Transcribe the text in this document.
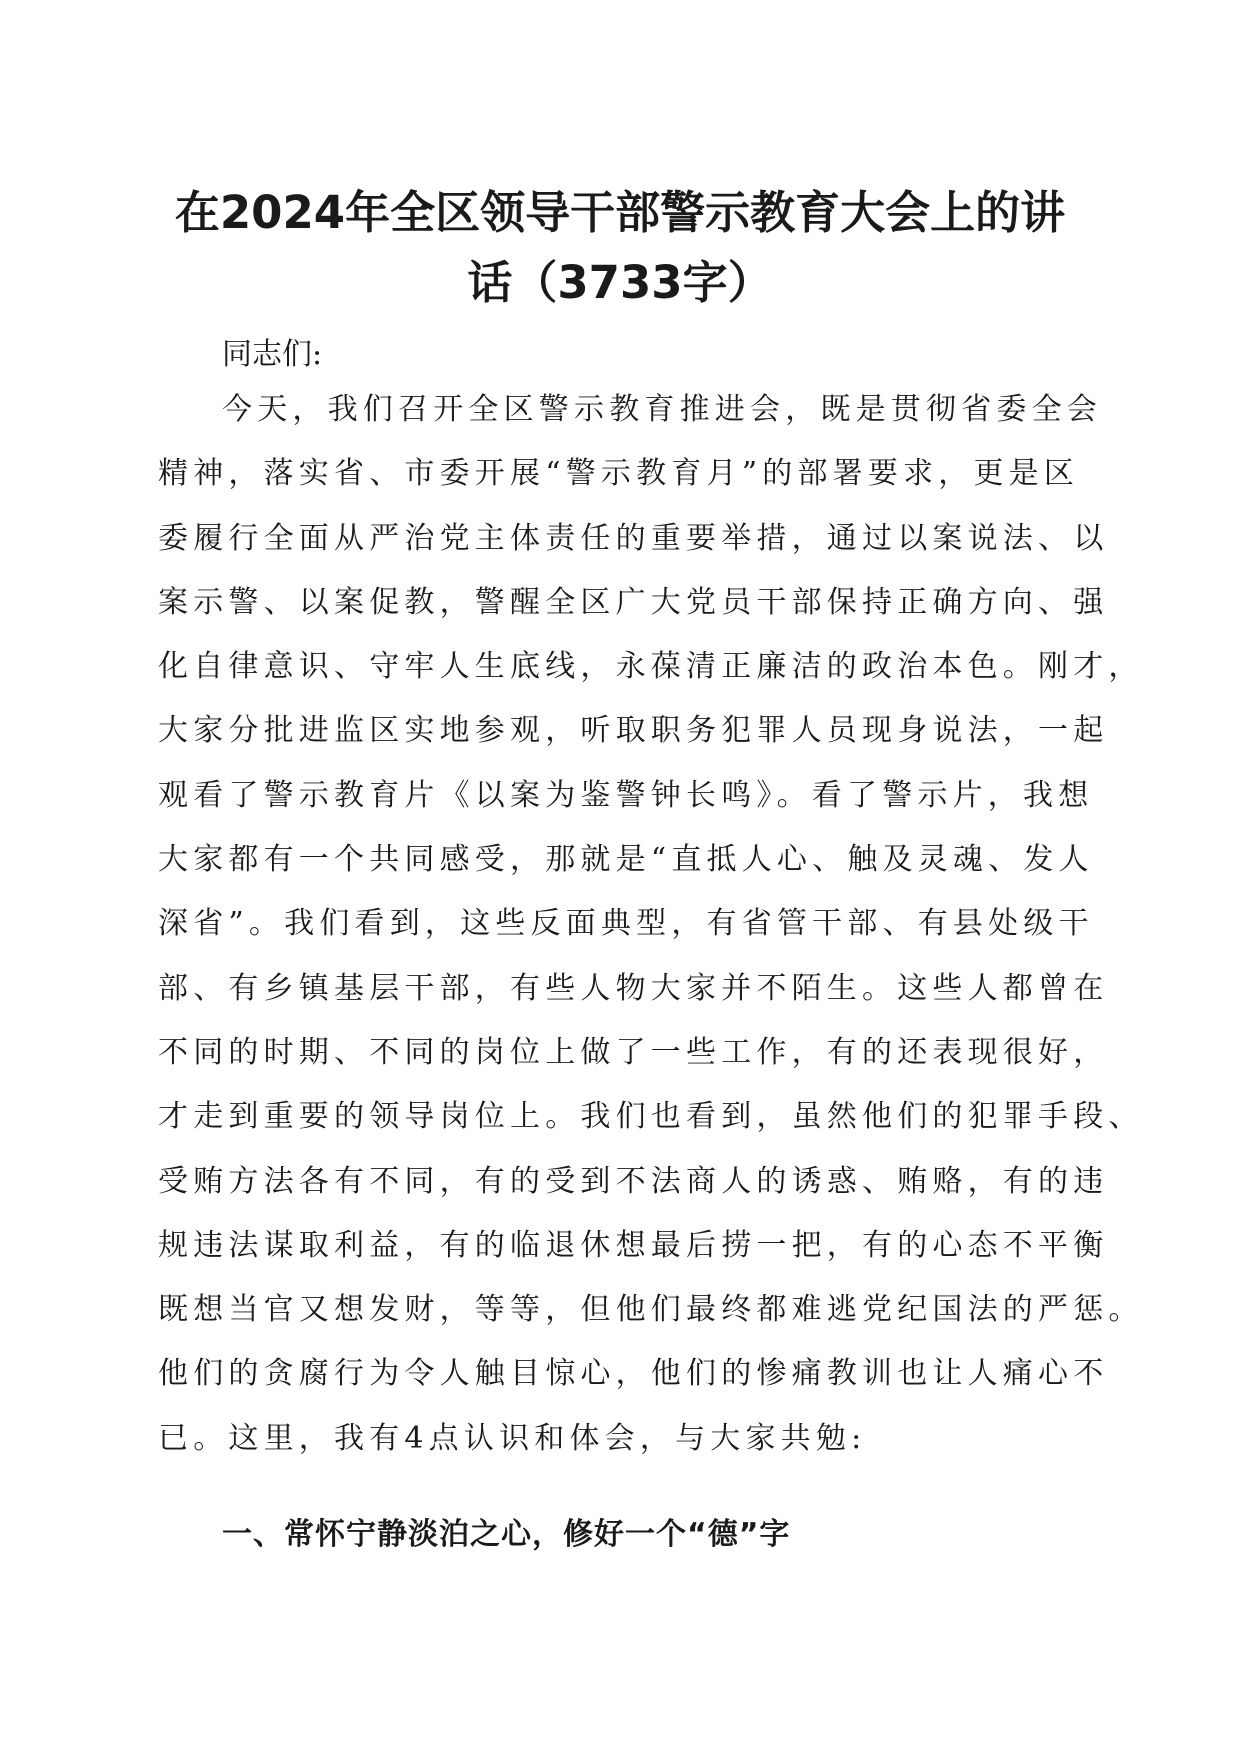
在2024年全区领导干部警示教育大会上的讲
话（3733字）

同志们:

今天，我们召开全区警示教育推进会，既是贯彻省委全会
精神，落实省、市委开展“警示教育月”的部署要求，更是区
委履行全面从严治党主体责任的重要举措，通过以案说法、以
案示警、以案促教，警醒全区广大党员干部保持正确方向、强
化自律意识、守牢人生底线，永葆清正廉洁的政治本色。刚才，
大家分批进监区实地参观，听取职务犯罪人员现身说法，一起
观看了警示教育片《以案为鉴警钟长鸣》。看了警示片，我想
大家都有一个共同感受，那就是“直抵人心、触及灵魂、发人
深省”。我们看到，这些反面典型，有省管干部、有县处级干
部、有乡镇基层干部，有些人物大家并不陌生。这些人都曾在
不同的时期、不同的岗位上做了一些工作，有的还表现很好，
才走到重要的领导岗位上。我们也看到，虽然他们的犯罪手段、
受贿方法各有不同，有的受到不法商人的诱惑、贿赂，有的违
规违法谋取利益，有的临退休想最后捞一把，有的心态不平衡
既想当官又想发财，等等，但他们最终都难逃党纪国法的严惩。
他们的贪腐行为令人触目惊心，他们的惨痛教训也让人痛心不
已。这里，我有4点认识和体会，与大家共勉:

一、常怀宁静淡泊之心，修好一个“德”字
